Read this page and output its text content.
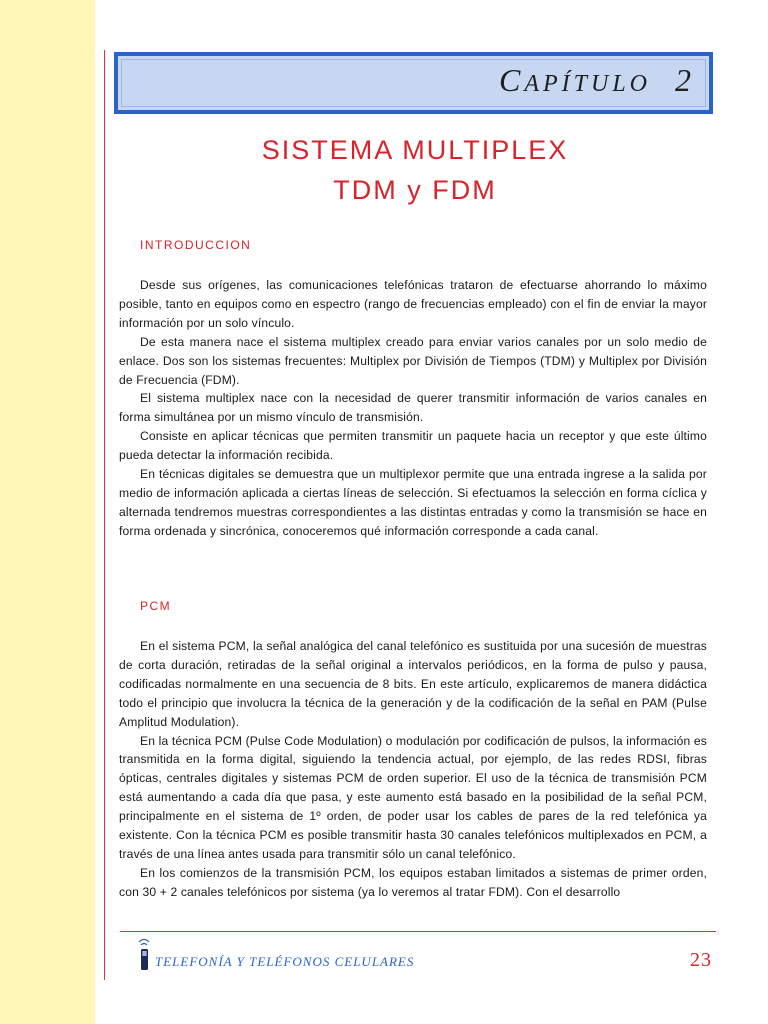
CAPÍTULO 2
SISTEMA MULTIPLEX
TDM y FDM
INTRODUCCION

Desde sus orígenes, las comunicaciones telefónicas trataron de efectuarse ahorrando lo máximo posible, tanto en equipos como en espectro (rango de frecuencias empleado) con el fin de enviar la mayor información por un solo vínculo.

De esta manera nace el sistema multiplex creado para enviar varios canales por un solo medio de enlace. Dos son los sistemas frecuentes: Multiplex por División de Tiempos (TDM) y Multiplex por División de Frecuencia (FDM).

El sistema multiplex nace con la necesidad de querer transmitir información de varios canales en forma simultánea por un mismo vínculo de transmisión.

Consiste en aplicar técnicas que permiten transmitir un paquete hacia un receptor y que este último pueda detectar la información recibida.

En técnicas digitales se demuestra que un multiplexor permite que una entrada ingrese a la salida por medio de información aplicada a ciertas líneas de selección. Si efectuamos la selección en forma cíclica y alternada tendremos muestras correspondientes a las distintas entradas y como la transmisión se hace en forma ordenada y sincrónica, conoceremos qué información corresponde a cada canal.

PCM

En el sistema PCM, la señal analógica del canal telefónico es sustituida por una sucesión de muestras de corta duración, retiradas de la señal original a intervalos periódicos, en la forma de pulso y pausa, codificadas normalmente en una secuencia de 8 bits. En este artículo, explicaremos de manera didáctica todo el principio que involucra la técnica de la generación y de la codificación de la señal en PAM (Pulse Amplitud Modulation).

En la técnica PCM (Pulse Code Modulation) o modulación por codificación de pulsos, la información es transmitida en la forma digital, siguiendo la tendencia actual, por ejemplo, de las redes RDSI, fibras ópticas, centrales digitales y sistemas PCM de orden superior. El uso de la técnica de transmisión PCM está aumentando a cada día que pasa, y este aumento está basado en la posibilidad de la señal PCM, principalmente en el sistema de 1º orden, de poder usar los cables de pares de la red telefónica ya existente. Con la técnica PCM es posible transmitir hasta 30 canales telefónicos multiplexados en PCM, a través de una línea antes usada para transmitir sólo un canal telefónico.

En los comienzos de la transmisión PCM, los equipos estaban limitados a sistemas de primer orden, con 30 + 2 canales telefónicos por sistema (ya lo veremos al tratar FDM). Con el desarrollo

TELEFONÍA Y TELÉFONOS CELULARES	23
